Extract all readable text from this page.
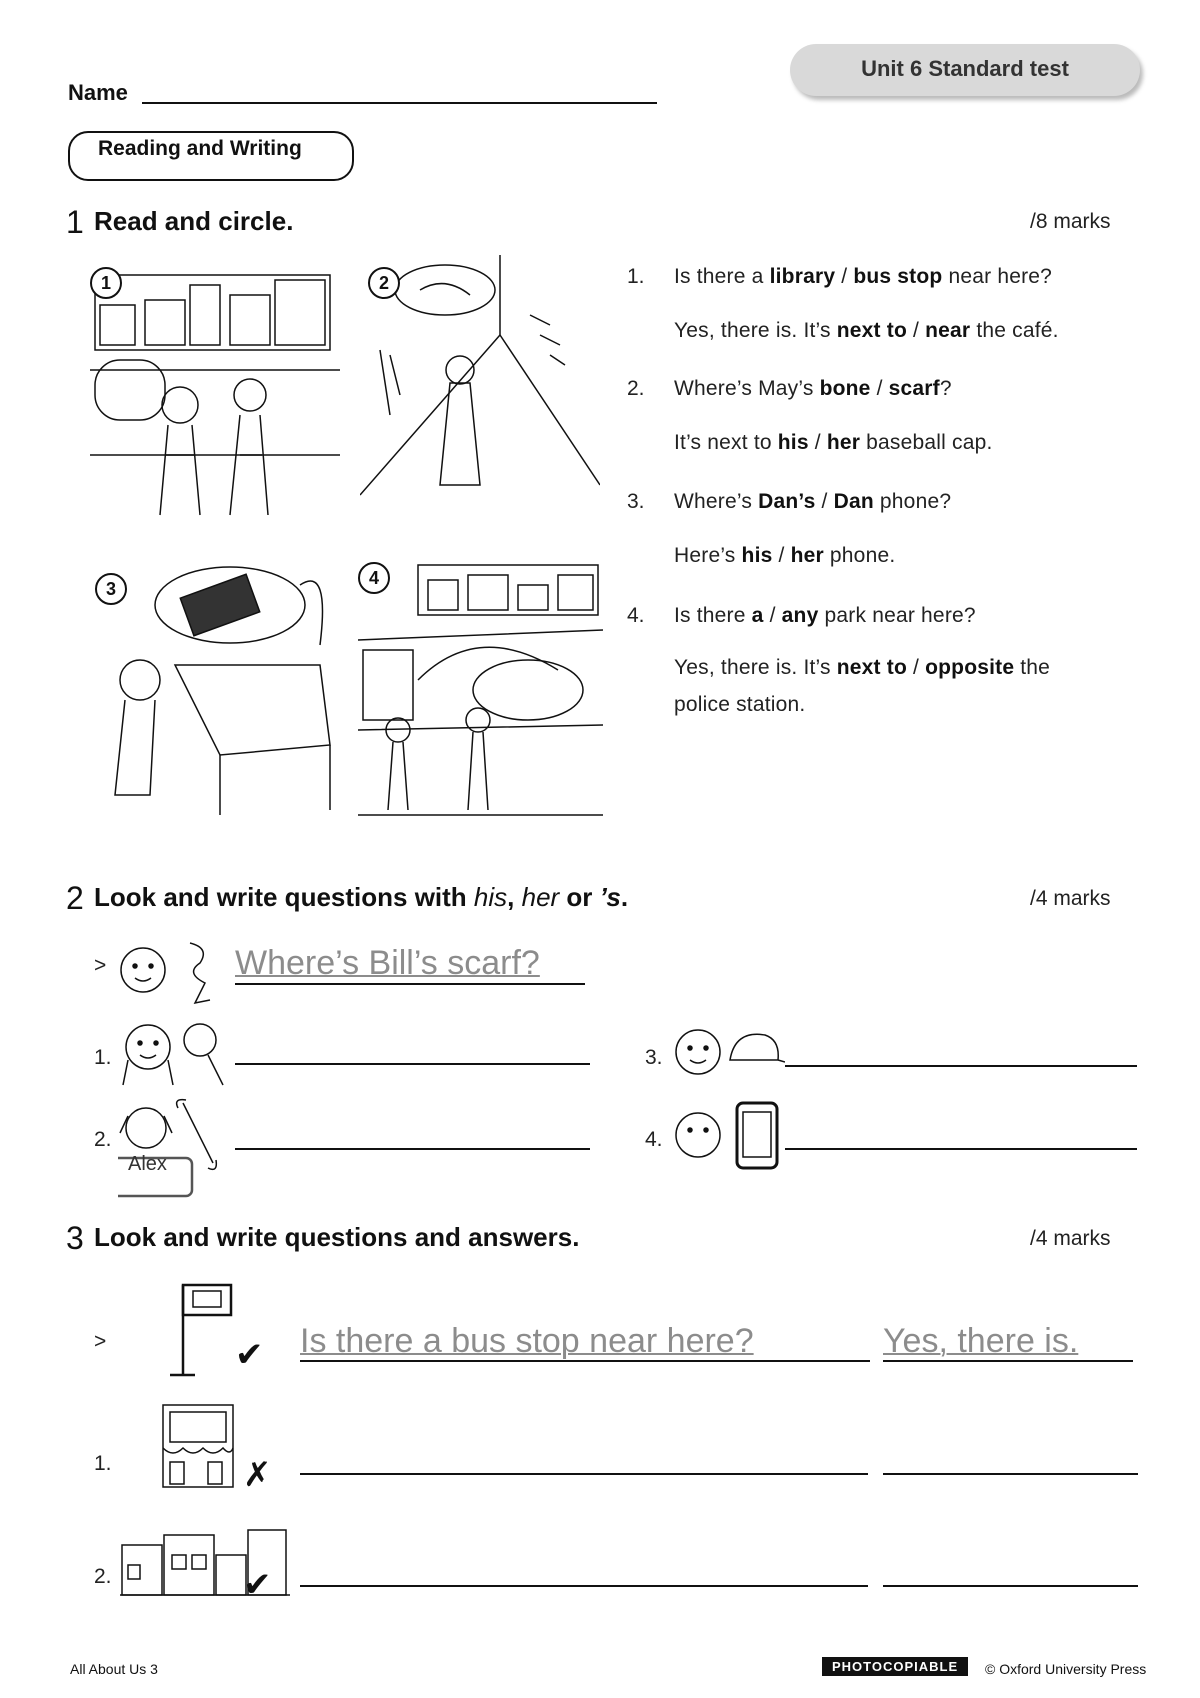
Unit 6 Standard test
Name
Reading and Writing
1 Read and circle.	/8 marks
1	2
3
4
1. Is there a library / bus stop near here?
Yes, there is. It’s next to / near the café.
2. Where’s May’s bone / scarf?
It’s next to his / her baseball cap.
3. Where’s Dan’s / Dan phone?
Here’s his / her phone.
4. Is there a / any park near here?
Yes, there is. It’s next to / opposite the
police station.
2 Look and write questions with his, her or ’s.	/4 marks
>	Where’s Bill’s scarf?
1.
2.
Alex
3.
4.
3 Look and write questions and answers.	/4 marks
>	✔ Is there a bus stop near here?	Yes, there is.
1.	✗
2.	✔
All About Us 3	PHOTOCOPIABLE	© Oxford University Press
